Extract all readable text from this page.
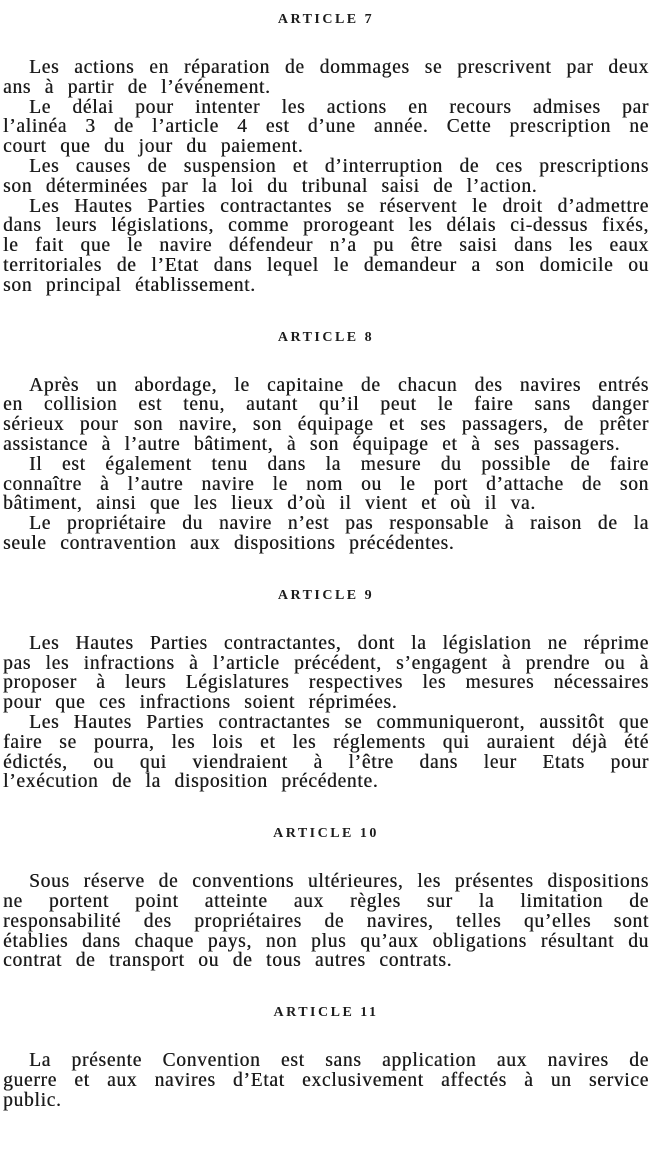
ARTICLE 7

Les actions en réparation de dommages se prescrivent par deux ans à partir de l’événement.

Le délai pour intenter les actions en recours admises par l’alinéa 3 de l’article 4 est d’une année. Cette prescription ne court que du jour du paiement.

Les causes de suspension et d’interruption de ces prescriptions son déterminées par la loi du tribunal saisi de l’action.

Les Hautes Parties contractantes se réservent le droit d’admettre dans leurs législations, comme prorogeant les délais ci-dessus fixés, le fait que le navire défendeur n’a pu être saisi dans les eaux territoriales de l’Etat dans lequel le demandeur a son domicile ou son principal établissement.

ARTICLE 8

Après un abordage, le capitaine de chacun des navires entrés en collision est tenu, autant qu’il peut le faire sans danger sérieux pour son navire, son équipage et ses passagers, de prêter assistance à l’autre bâtiment, à son équipage et à ses passagers.

Il est également tenu dans la mesure du possible de faire connaître à l’autre navire le nom ou le port d’attache de son bâtiment, ainsi que les lieux d’où il vient et où il va.

Le propriétaire du navire n’est pas responsable à raison de la seule contravention aux dispositions précédentes.

ARTICLE 9

Les Hautes Parties contractantes, dont la législation ne réprime pas les infractions à l’article précédent, s’engagent à prendre ou à proposer à leurs Législatures respectives les mesures nécessaires pour que ces infractions soient réprimées.

Les Hautes Parties contractantes se communiqueront, aussitôt que faire se pourra, les lois et les réglements qui auraient déjà été édictés, ou qui viendraient à l’être dans leur Etats pour l’exécution de la disposition précédente.

ARTICLE 10

Sous réserve de conventions ultérieures, les présentes dispositions ne portent point atteinte aux règles sur la limitation de responsabilité des propriétaires de navires, telles qu’elles sont établies dans chaque pays, non plus qu’aux obligations résultant du contrat de transport ou de tous autres contrats.

ARTICLE 11

La présente Convention est sans application aux navires de guerre et aux navires d’Etat exclusivement affectés à un service public.
